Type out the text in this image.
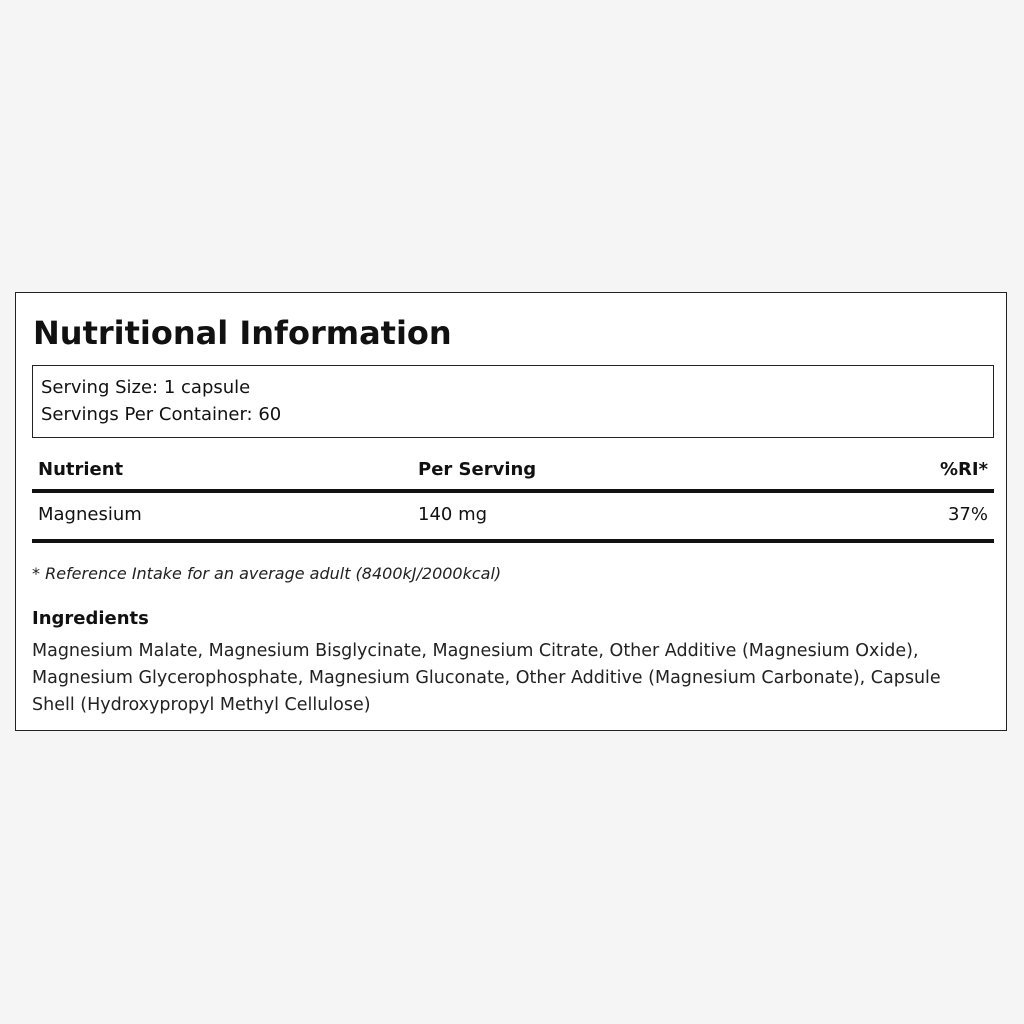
Nutritional Information
Serving Size: 1 capsule
Servings Per Container: 60
Nutrient	Per Serving	%RI*
Magnesium	140 mg	37%
* Reference Intake for an average adult (8400kJ/2000kcal)
Ingredients
Magnesium Malate, Magnesium Bisglycinate, Magnesium Citrate, Other Additive (Magnesium Oxide), Magnesium Glycerophosphate, Magnesium Gluconate, Other Additive (Magnesium Carbonate), Capsule Shell (Hydroxypropyl Methyl Cellulose)
